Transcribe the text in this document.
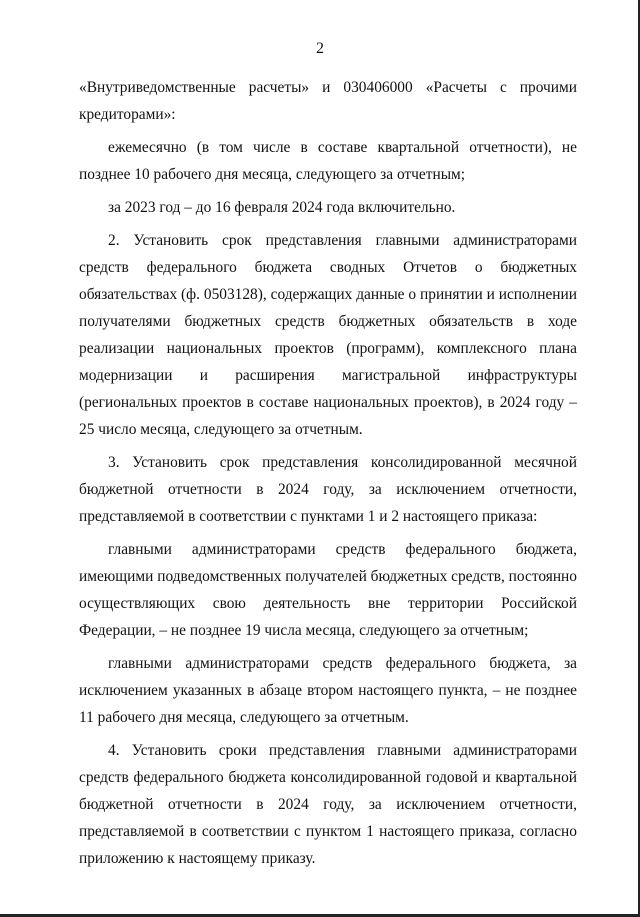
2

«Внутриведомственные расчеты» и 030406000 «Расчеты с прочими кредиторами»:

ежемесячно (в том числе в составе квартальной отчетности), не позднее 10 рабочего дня месяца, следующего за отчетным;

за 2023 год – до 16 февраля 2024 года включительно.

2. Установить срок представления главными администраторами средств федерального бюджета сводных Отчетов о бюджетных обязательствах (ф. 0503128), содержащих данные о принятии и исполнении получателями бюджетных средств бюджетных обязательств в ходе реализации национальных проектов (программ), комплексного плана модернизации и расширения магистральной инфраструктуры (региональных проектов в составе национальных проектов), в 2024 году – 25 число месяца, следующего за отчетным.

3. Установить срок представления консолидированной месячной бюджетной отчетности в 2024 году, за исключением отчетности, представляемой в соответствии с пунктами 1 и 2 настоящего приказа:

главными администраторами средств федерального бюджета, имеющими подведомственных получателей бюджетных средств, постоянно осуществляющих свою деятельность вне территории Российской Федерации, – не позднее 19 числа месяца, следующего за отчетным;

главными администраторами средств федерального бюджета, за исключением указанных в абзаце втором настоящего пункта, – не позднее 11 рабочего дня месяца, следующего за отчетным.

4. Установить сроки представления главными администраторами средств федерального бюджета консолидированной годовой и квартальной бюджетной отчетности в 2024 году, за исключением отчетности, представляемой в соответствии с пунктом 1 настоящего приказа, согласно приложению к настоящему приказу.
